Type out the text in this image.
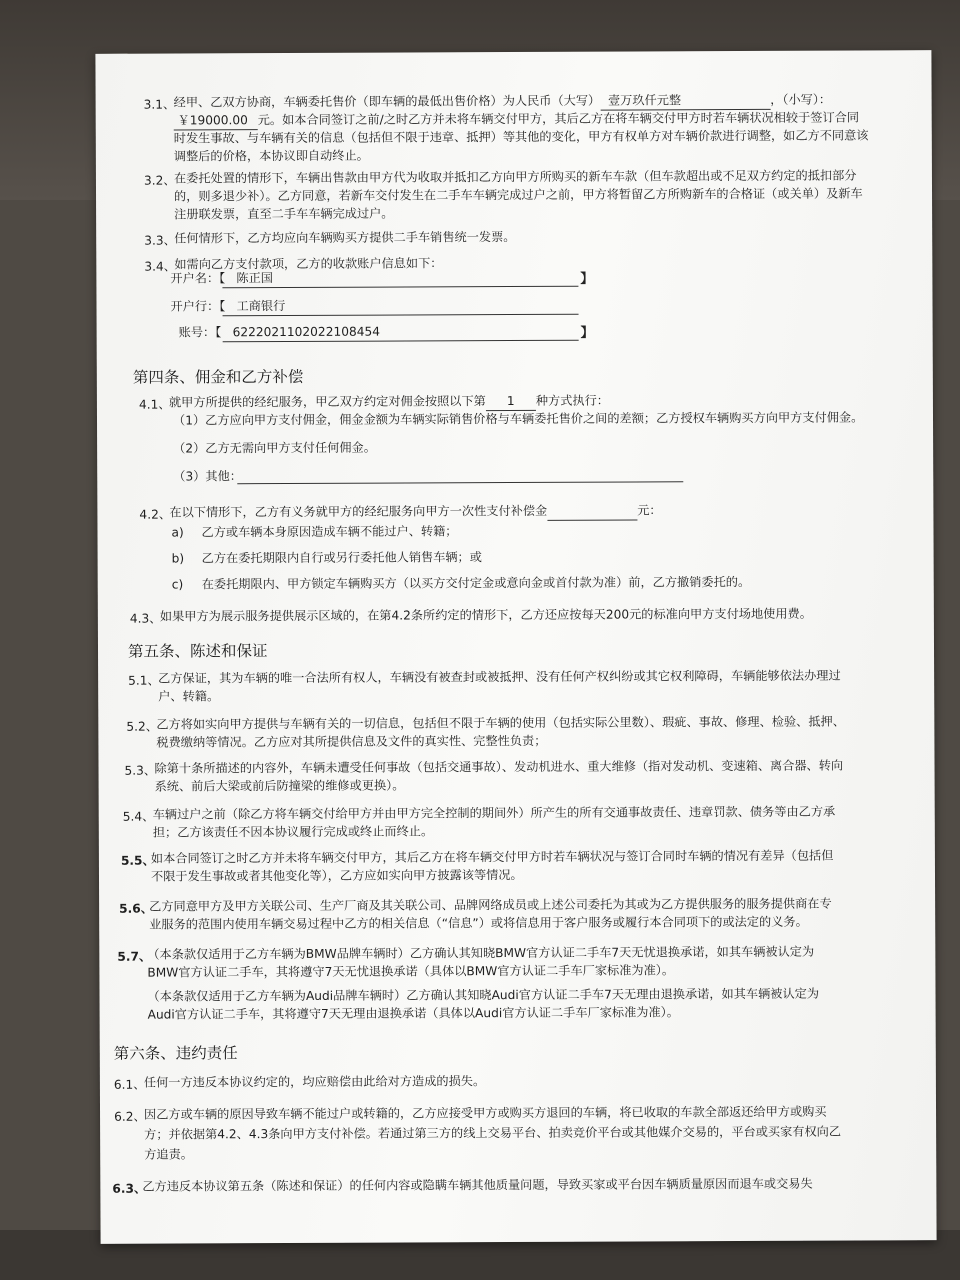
3.1、
经甲、乙双方协商，车辆委托售价（即车辆的最低出售价格）为人民币（大写） 壹万玖仟元整	，（小写）：
￥19000.00 元。如本合同签订之前/之时乙方并未将车辆交付甲方，其后乙方在将车辆交付甲方时若车辆状况相较于签订合同
时发生事故、与车辆有关的信息（包括但不限于违章、抵押）等其他的变化，甲方有权单方对车辆价款进行调整，如乙方不同意该
调整后的价格，本协议即自动终止。
3.2、
在委托处置的情形下，车辆出售款由甲方代为收取并抵扣乙方向甲方所购买的新车车款（但车款超出或不足双方约定的抵扣部分
的，则多退少补）。乙方同意，若新车交付发生在二手车车辆完成过户之前，甲方将暂留乙方所购新车的合格证（或关单）及新车
注册联发票，直至二手车车辆完成过户。
3.3、
任何情形下，乙方均应向车辆购买方提供二手车销售统一发票。
3.4、
如需向乙方支付款项，乙方的收款账户信息如下：
开户名：【 陈正国	】
开户行：【 工商银行
账号：【 6222021102022108454	】
第四条、佣金和乙方补偿
4.1、
就甲方所提供的经纪服务，甲乙双方约定对佣金按照以下第 1 种方式执行：
（1）乙方应向甲方支付佣金，佣金金额为车辆实际销售价格与车辆委托售价之间的差额；乙方授权车辆购买方向甲方支付佣金。
（2）乙方无需向甲方支付任何佣金。
（3）其他：
4.2、
在以下情形下，乙方有义务就甲方的经纪服务向甲方一次性支付补偿金	元：
a) 乙方或车辆本身原因造成车辆不能过户、转籍；
b) 乙方在委托期限内自行或另行委托他人销售车辆；或
c) 在委托期限内、甲方锁定车辆购买方（以买方交付定金或意向金或首付款为准）前，乙方撤销委托的。
4.3、
如果甲方为展示服务提供展示区域的，在第4.2条所约定的情形下，乙方还应按每天200元的标准向甲方支付场地使用费。
第五条、陈述和保证
5.1、
乙方保证，其为车辆的唯一合法所有权人，车辆没有被查封或被抵押、没有任何产权纠纷或其它权利障碍，车辆能够依法办理过
户、转籍。
5.2、
乙方将如实向甲方提供与车辆有关的一切信息，包括但不限于车辆的使用（包括实际公里数）、瑕疵、事故、修理、检验、抵押、
税费缴纳等情况。乙方应对其所提供信息及文件的真实性、完整性负责；
5.3、
除第十条所描述的内容外，车辆未遭受任何事故（包括交通事故）、发动机进水、重大维修（指对发动机、变速箱、离合器、转向
系统、前后大梁或前后防撞梁的维修或更换）。
5.4、
车辆过户之前（除乙方将车辆交付给甲方并由甲方完全控制的期间外）所产生的所有交通事故责任、违章罚款、债务等由乙方承
担；乙方该责任不因本协议履行完成或终止而终止。
5.5、
如本合同签订之时乙方并未将车辆交付甲方，其后乙方在将车辆交付甲方时若车辆状况与签订合同时车辆的情况有差异（包括但
不限于发生事故或者其他变化等），乙方应如实向甲方披露该等情况。
5.6、
乙方同意甲方及甲方关联公司、生产厂商及其关联公司、品牌网络成员或上述公司委托为其或为乙方提供服务的服务提供商在专
业服务的范围内使用车辆交易过程中乙方的相关信息（“信息”）或将信息用于客户服务或履行本合同项下的或法定的义务。
5.7、
（本条款仅适用于乙方车辆为BMW品牌车辆时）乙方确认其知晓BMW官方认证二手车7天无忧退换承诺，如其车辆被认定为
BMW官方认证二手车，其将遵守7天无忧退换承诺（具体以BMW官方认证二手车厂家标准为准）。
（本条款仅适用于乙方车辆为Audi品牌车辆时）乙方确认其知晓Audi官方认证二手车7天无理由退换承诺，如其车辆被认定为
Audi官方认证二手车，其将遵守7天无理由退换承诺（具体以Audi官方认证二手车厂家标准为准）。
第六条、违约责任
6.1、
任何一方违反本协议约定的，均应赔偿由此给对方造成的损失。
6.2、
因乙方或车辆的原因导致车辆不能过户或转籍的，乙方应接受甲方或购买方退回的车辆，将已收取的车款全部返还给甲方或购买
方；并依据第4.2、4.3条向甲方支付补偿。若通过第三方的线上交易平台、拍卖竞价平台或其他媒介交易的，平台或买家有权向乙
方追责。
6.3、
乙方违反本协议第五条（陈述和保证）的任何内容或隐瞒车辆其他质量问题，导致买家或平台因车辆质量原因而退车或交易失
